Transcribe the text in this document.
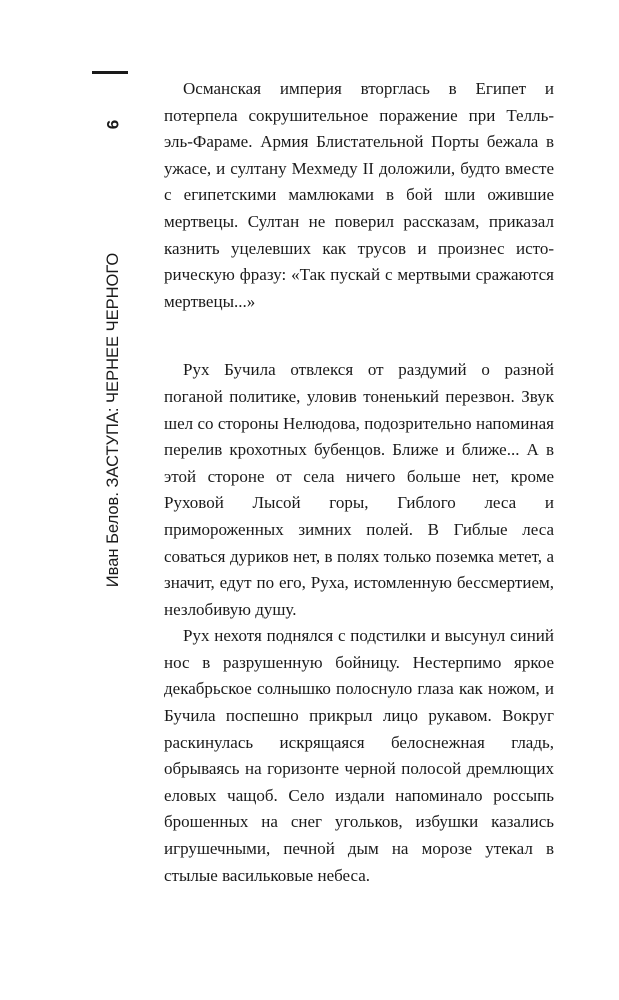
6
Иван Белов. ЗАСТУПА: ЧЕРНЕЕ ЧЕРНОГО

Османская империя вторглась в Египет и потерпела сокрушительное поражение при Телль-эль-Фараме. Армия Блистательной Порты бежала в ужасе, и султану Мехмеду II доложили, будто вместе с египетскими мамлюками в бой шли ожившие мертвецы. Султан не поверил рассказам, приказал казнить уцелевших как трусов и произнес историческую фразу: «Так пускай с мертвыми сражаются мертвецы...»

Рух Бучила отвлекся от раздумий о разной поганой политике, уловив тоненький перезвон. Звук шел со стороны Нелюдова, подозрительно напоминая перелив крохотных бубенцов. Ближе и ближе... А в этой стороне от села ничего больше нет, кроме Руховой Лысой горы, Гиблого леса и примороженных зимних полей. В Гиблые леса соваться дуриков нет, в полях только поземка метет, а значит, едут по его, Руха, истомленную бессмертием, незлобивую душу.

Рух нехотя поднялся с подстилки и высунул синий нос в разрушенную бойницу. Нестерпимо яркое декабрьское солнышко полоснуло глаза как ножом, и Бучила поспешно прикрыл лицо рукавом. Вокруг раскинулась искрящаяся белоснежная гладь, обрываясь на горизонте черной полосой дремлющих еловых чащоб. Село издали напоминало россыпь брошенных на снег угольков, избушки казались игрушечными, печной дым на морозе утекал в стылые васильковые небеса.
